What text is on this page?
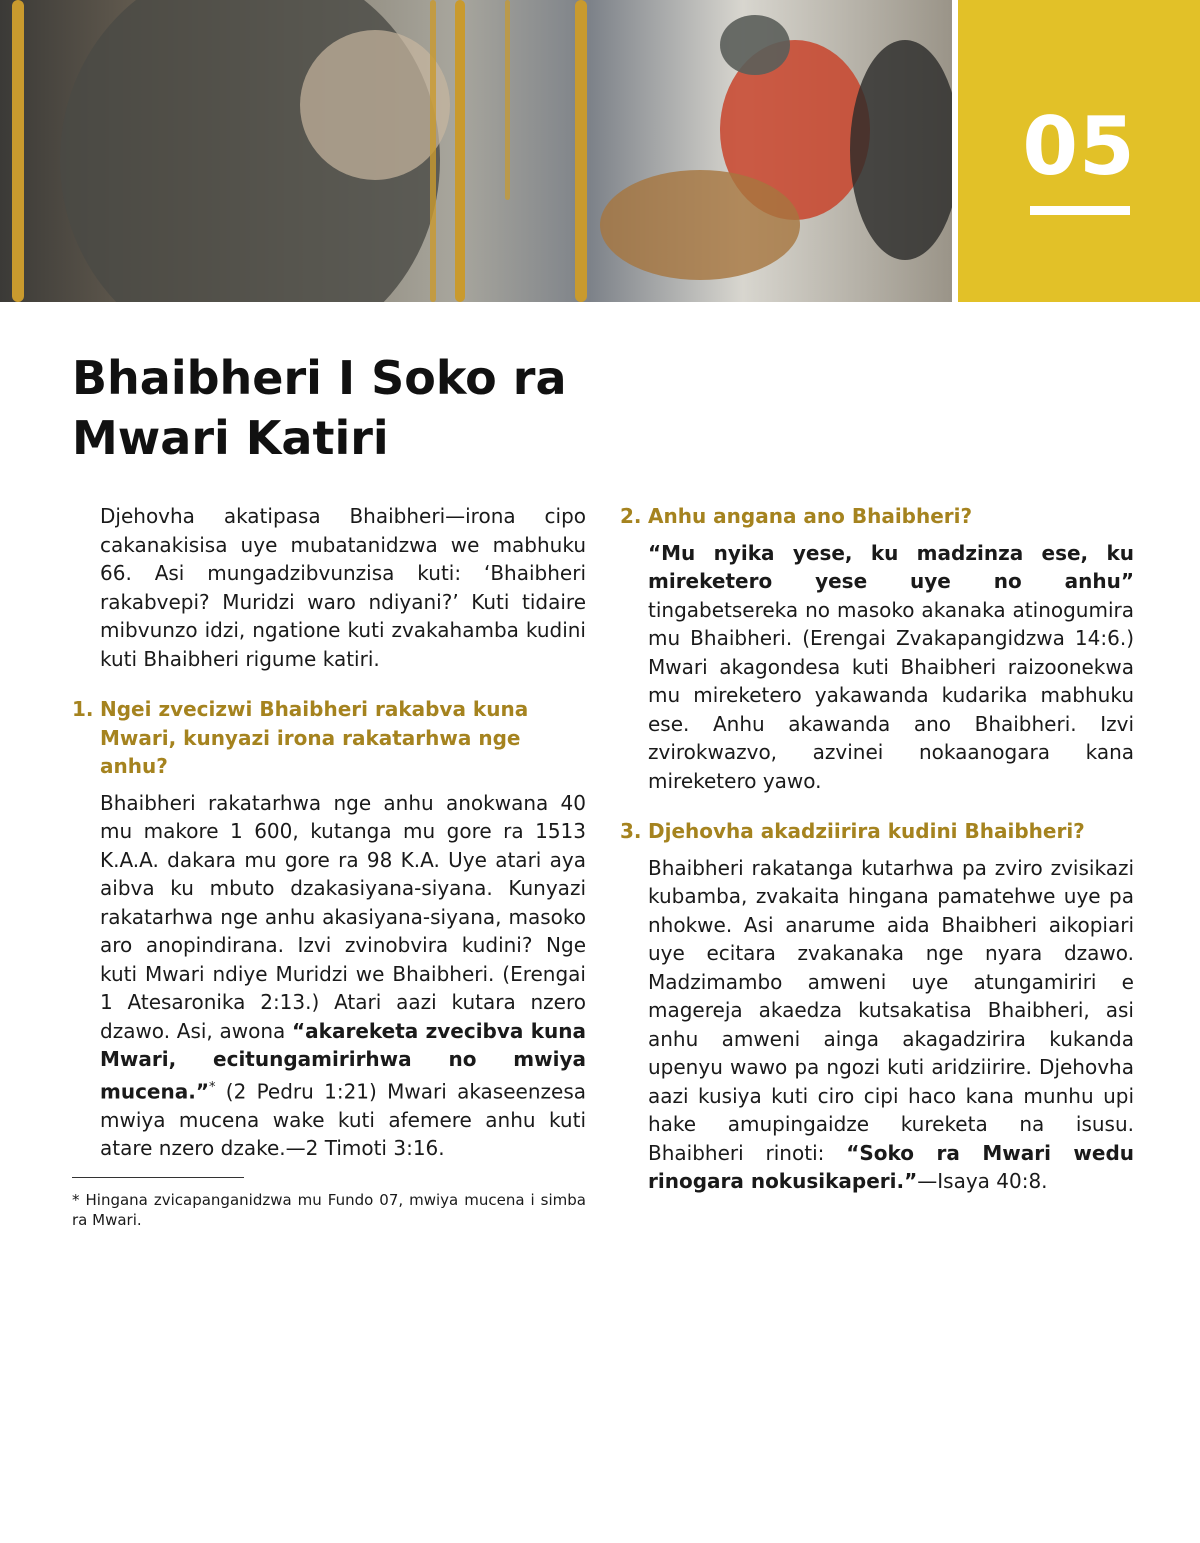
05
Bhaibheri I Soko ra Mwari Katiri

Djehovha akatipasa Bhaibheri—irona cipo cakanakisisa uye mubatanidzwa we mabhuku 66. Asi mungadzibvunzisa kuti: ‘Bhaibheri rakabvepi? Muridzi waro ndiyani?’ Kuti tidaire mibvunzo idzi, ngatione kuti zvakahamba kudini kuti Bhaibheri rigume katiri.

1. Ngei zvecizwi Bhaibheri rakabva kuna Mwari, kunyazi irona rakatarhwa nge anhu?

Bhaibheri rakatarhwa nge anhu anokwana 40 mu makore 1 600, kutanga mu gore ra 1513 K.A.A. dakara mu gore ra 98 K.A. Uye atari aya aibva ku mbuto dzakasiyana-siyana. Kunyazi rakatarhwa nge anhu akasiyana-siyana, masoko aro anopindirana. Izvi zvinobvira kudini? Nge kuti Mwari ndiye Muridzi we Bhaibheri. (Erengai 1 Atesaronika 2:13.) Atari aazi kutara nzero dzawo. Asi, awona “akareketa zvecibva kuna Mwari, ecitungamirirhwa no mwiya mucena.”* (2 Pedru 1:21) Mwari akaseenzesa mwiya mucena wake kuti afemere anhu kuti atare nzero dzake.—2 Timoti 3:16.

* Hingana zvicapanganidzwa mu Fundo 07, mwiya mucena i simba ra Mwari.

2. Anhu angana ano Bhaibheri?

“Mu nyika yese, ku madzinza ese, ku mireketero yese uye no anhu” tingabetsereka no masoko akanaka atinogumira mu Bhaibheri. (Erengai Zvakapangidzwa 14:6.) Mwari akagondesa kuti Bhaibheri raizoonekwa mu mireketero yakawanda kudarika mabhuku ese. Anhu akawanda ano Bhaibheri. Izvi zvirokwazvo, azvinei nokaanogara kana mireketero yawo.

3. Djehovha akadziirira kudini Bhaibheri?

Bhaibheri rakatanga kutarhwa pa zviro zvisikazi kubamba, zvakaita hingana pamatehwe uye pa nhokwe. Asi anarume aida Bhaibheri aikopiari uye ecitara zvakanaka nge nyara dzawo. Madzimambo amweni uye atungamiriri e magereja akaedza kutsakatisa Bhaibheri, asi anhu amweni ainga akagadzirira kukanda upenyu wawo pa ngozi kuti aridziirire. Djehovha aazi kusiya kuti ciro cipi haco kana munhu upi hake amupingaidze kureketa na isusu. Bhaibheri rinoti: “Soko ra Mwari wedu rinogara nokusikaperi.”—Isaya 40:8.
